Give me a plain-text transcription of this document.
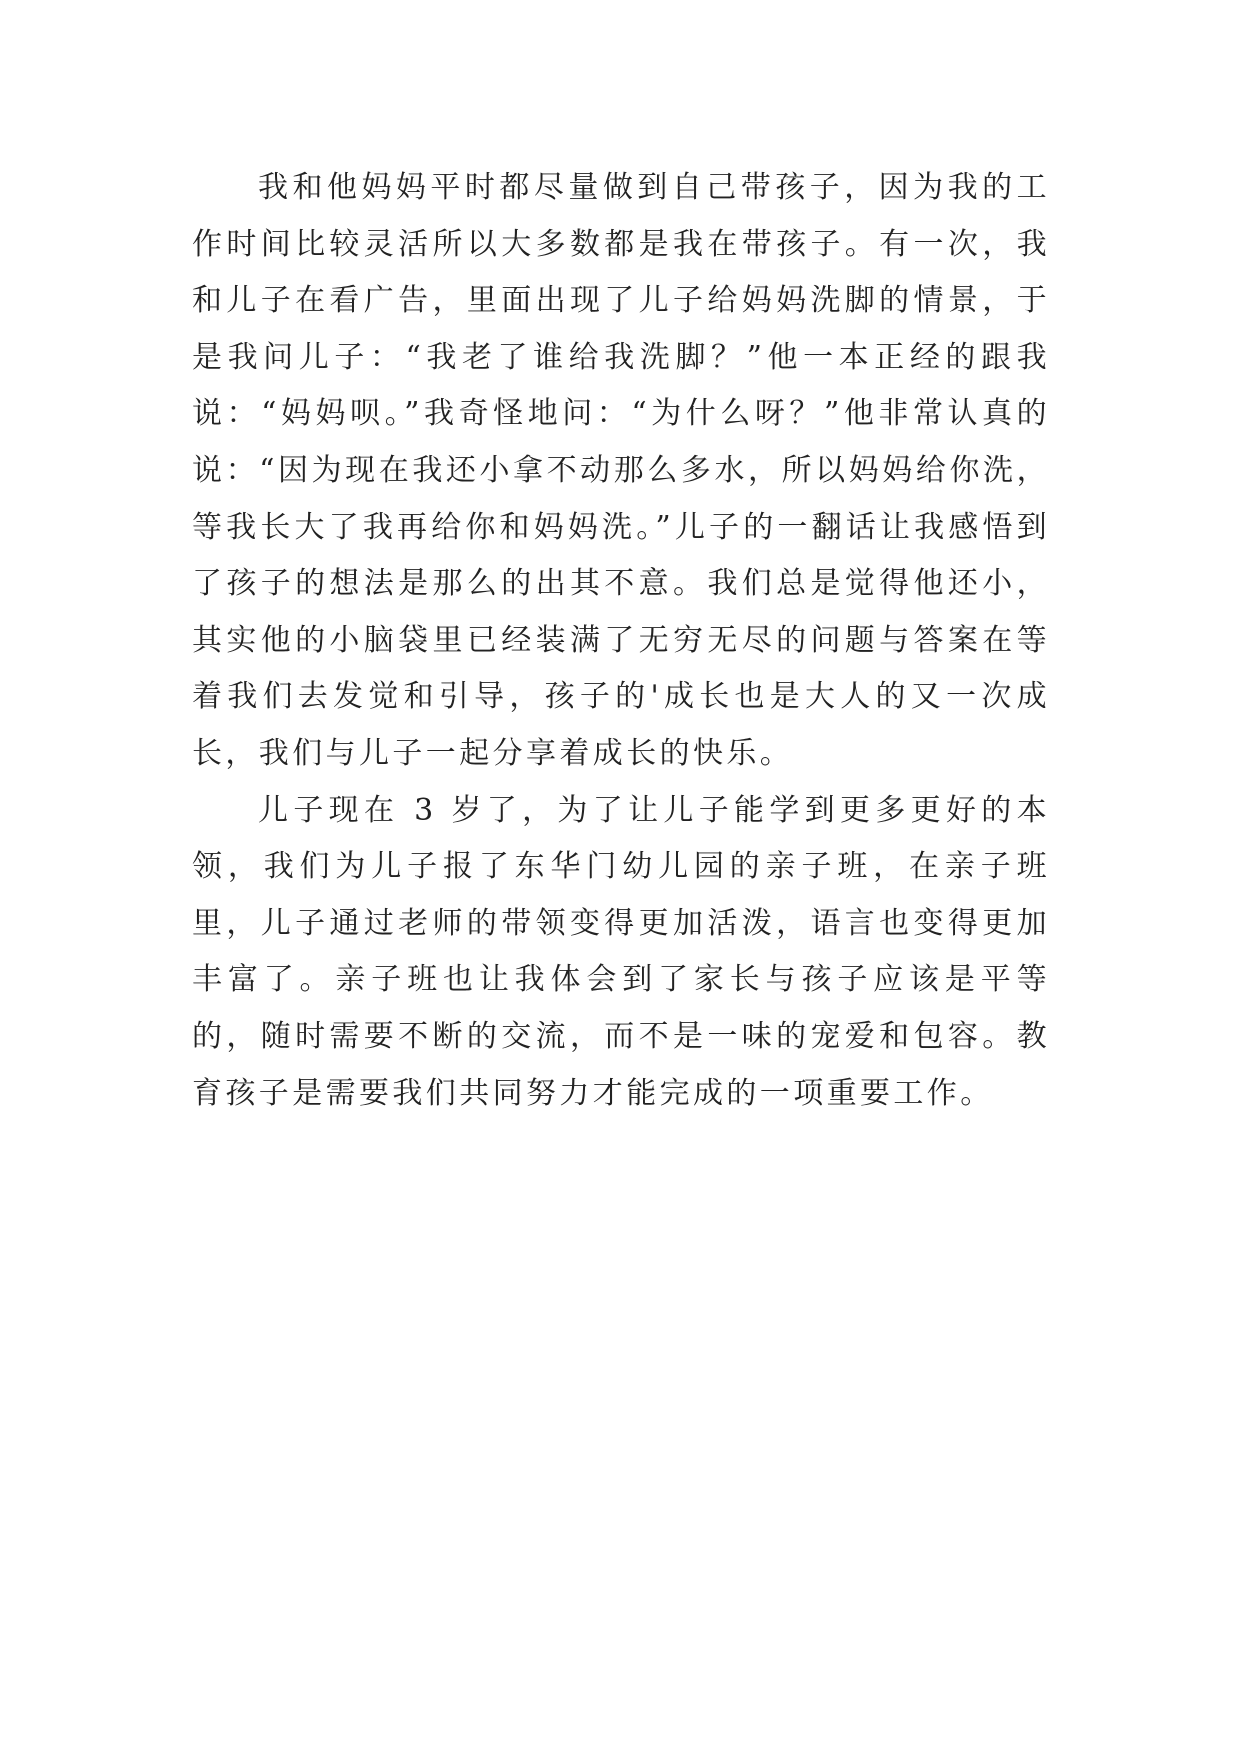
我和他妈妈平时都尽量做到自己带孩子，因为我的工作时间比较灵活所以大多数都是我在带孩子。有一次，我和儿子在看广告，里面出现了儿子给妈妈洗脚的情景，于是我问儿子：“我老了谁给我洗脚？”他一本正经的跟我说：“妈妈呗。”我奇怪地问：“为什么呀？”他非常认真的说：“因为现在我还小拿不动那么多水，所以妈妈给你洗，等我长大了我再给你和妈妈洗。”儿子的一翻话让我感悟到了孩子的想法是那么的出其不意。我们总是觉得他还小，其实他的小脑袋里已经装满了无穷无尽的问题与答案在等着我们去发觉和引导，孩子的'成长也是大人的又一次成长，我们与儿子一起分享着成长的快乐。

儿子现在 3 岁了，为了让儿子能学到更多更好的本领，我们为儿子报了东华门幼儿园的亲子班，在亲子班里，儿子通过老师的带领变得更加活泼，语言也变得更加丰富了。亲子班也让我体会到了家长与孩子应该是平等的，随时需要不断的交流，而不是一味的宠爱和包容。教育孩子是需要我们共同努力才能完成的一项重要工作。
